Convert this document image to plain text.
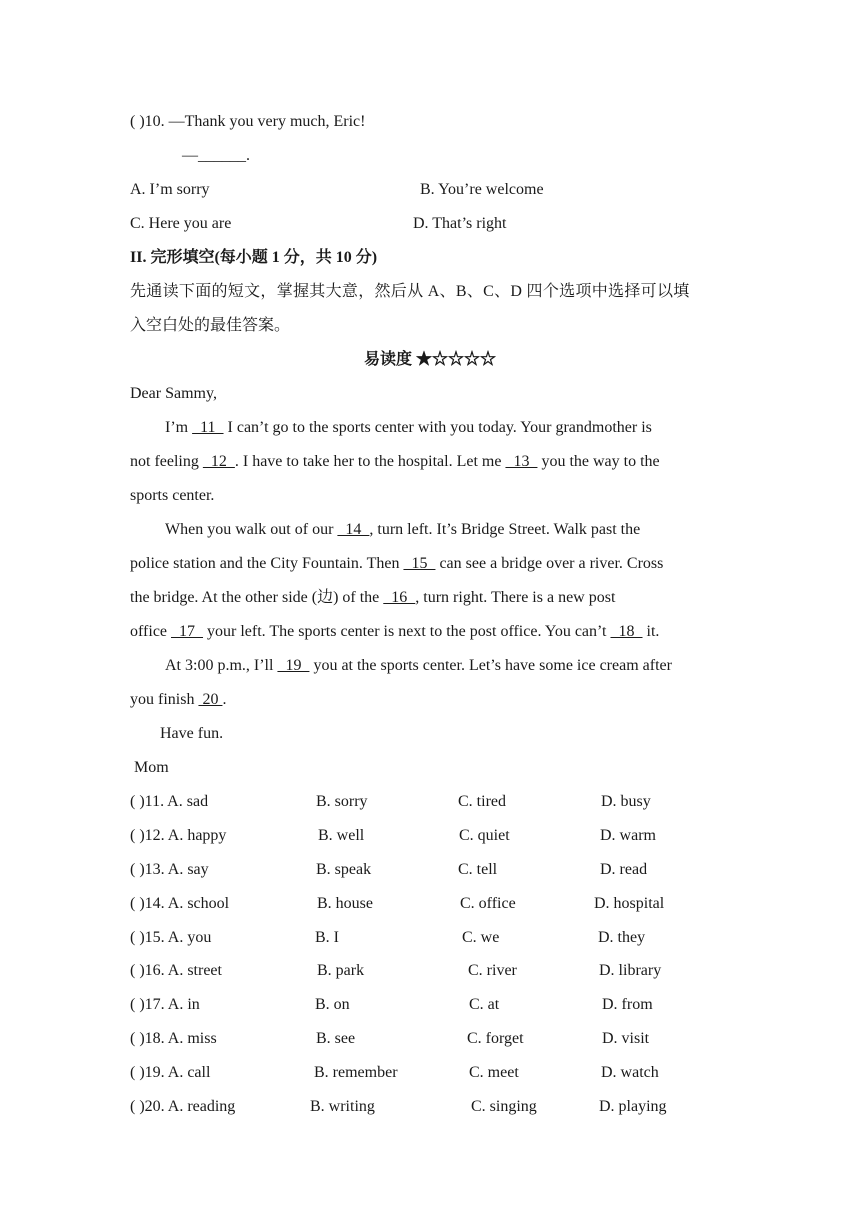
( )10. —Thank you very much, Eric!
—______.
A. I’m sorry	B. You’re welcome
C. Here you are	D. That’s right
II. 完形填空(每小题 1 分，共 10 分)
先通读下面的短文，掌握其大意，然后从 A、B、C、D 四个选项中选择可以填
入空白处的最佳答案。
易读度 ★☆☆☆☆
Dear Sammy,
I’m   11   I can’t go to the sports center with you today. Your grandmother is
not feeling   12  . I have to take her to the hospital. Let me   13   you the way to the
sports center.
When you walk out of our   14  , turn left. It’s Bridge Street. Walk past the
police station and the City Fountain. Then   15   can see a bridge over a river. Cross
the bridge. At the other side (边) of the   16  , turn right. There is a new post
office   17   your left. The sports center is next to the post office. You can’t   18   it.
At 3:00 p.m., I’ll   19   you at the sports center. Let’s have some ice cream after
you finish  20 .
Have fun.
Mom
( )11. A. sad	B. sorry	C. tired	D. busy
( )12. A. happy	B. well	C. quiet	D. warm
( )13. A. say	B. speak	C. tell	D. read
( )14. A. school	B. house	C. office	D. hospital
( )15. A. you	B. I	C. we	D. they
( )16. A. street	B. park	C. river	D. library
( )17. A. in	B. on	C. at	D. from
( )18. A. miss	B. see	C. forget	D. visit
( )19. A. call	B. remember	C. meet	D. watch
( )20. A. reading	B. writing	C. singing	D. playing
